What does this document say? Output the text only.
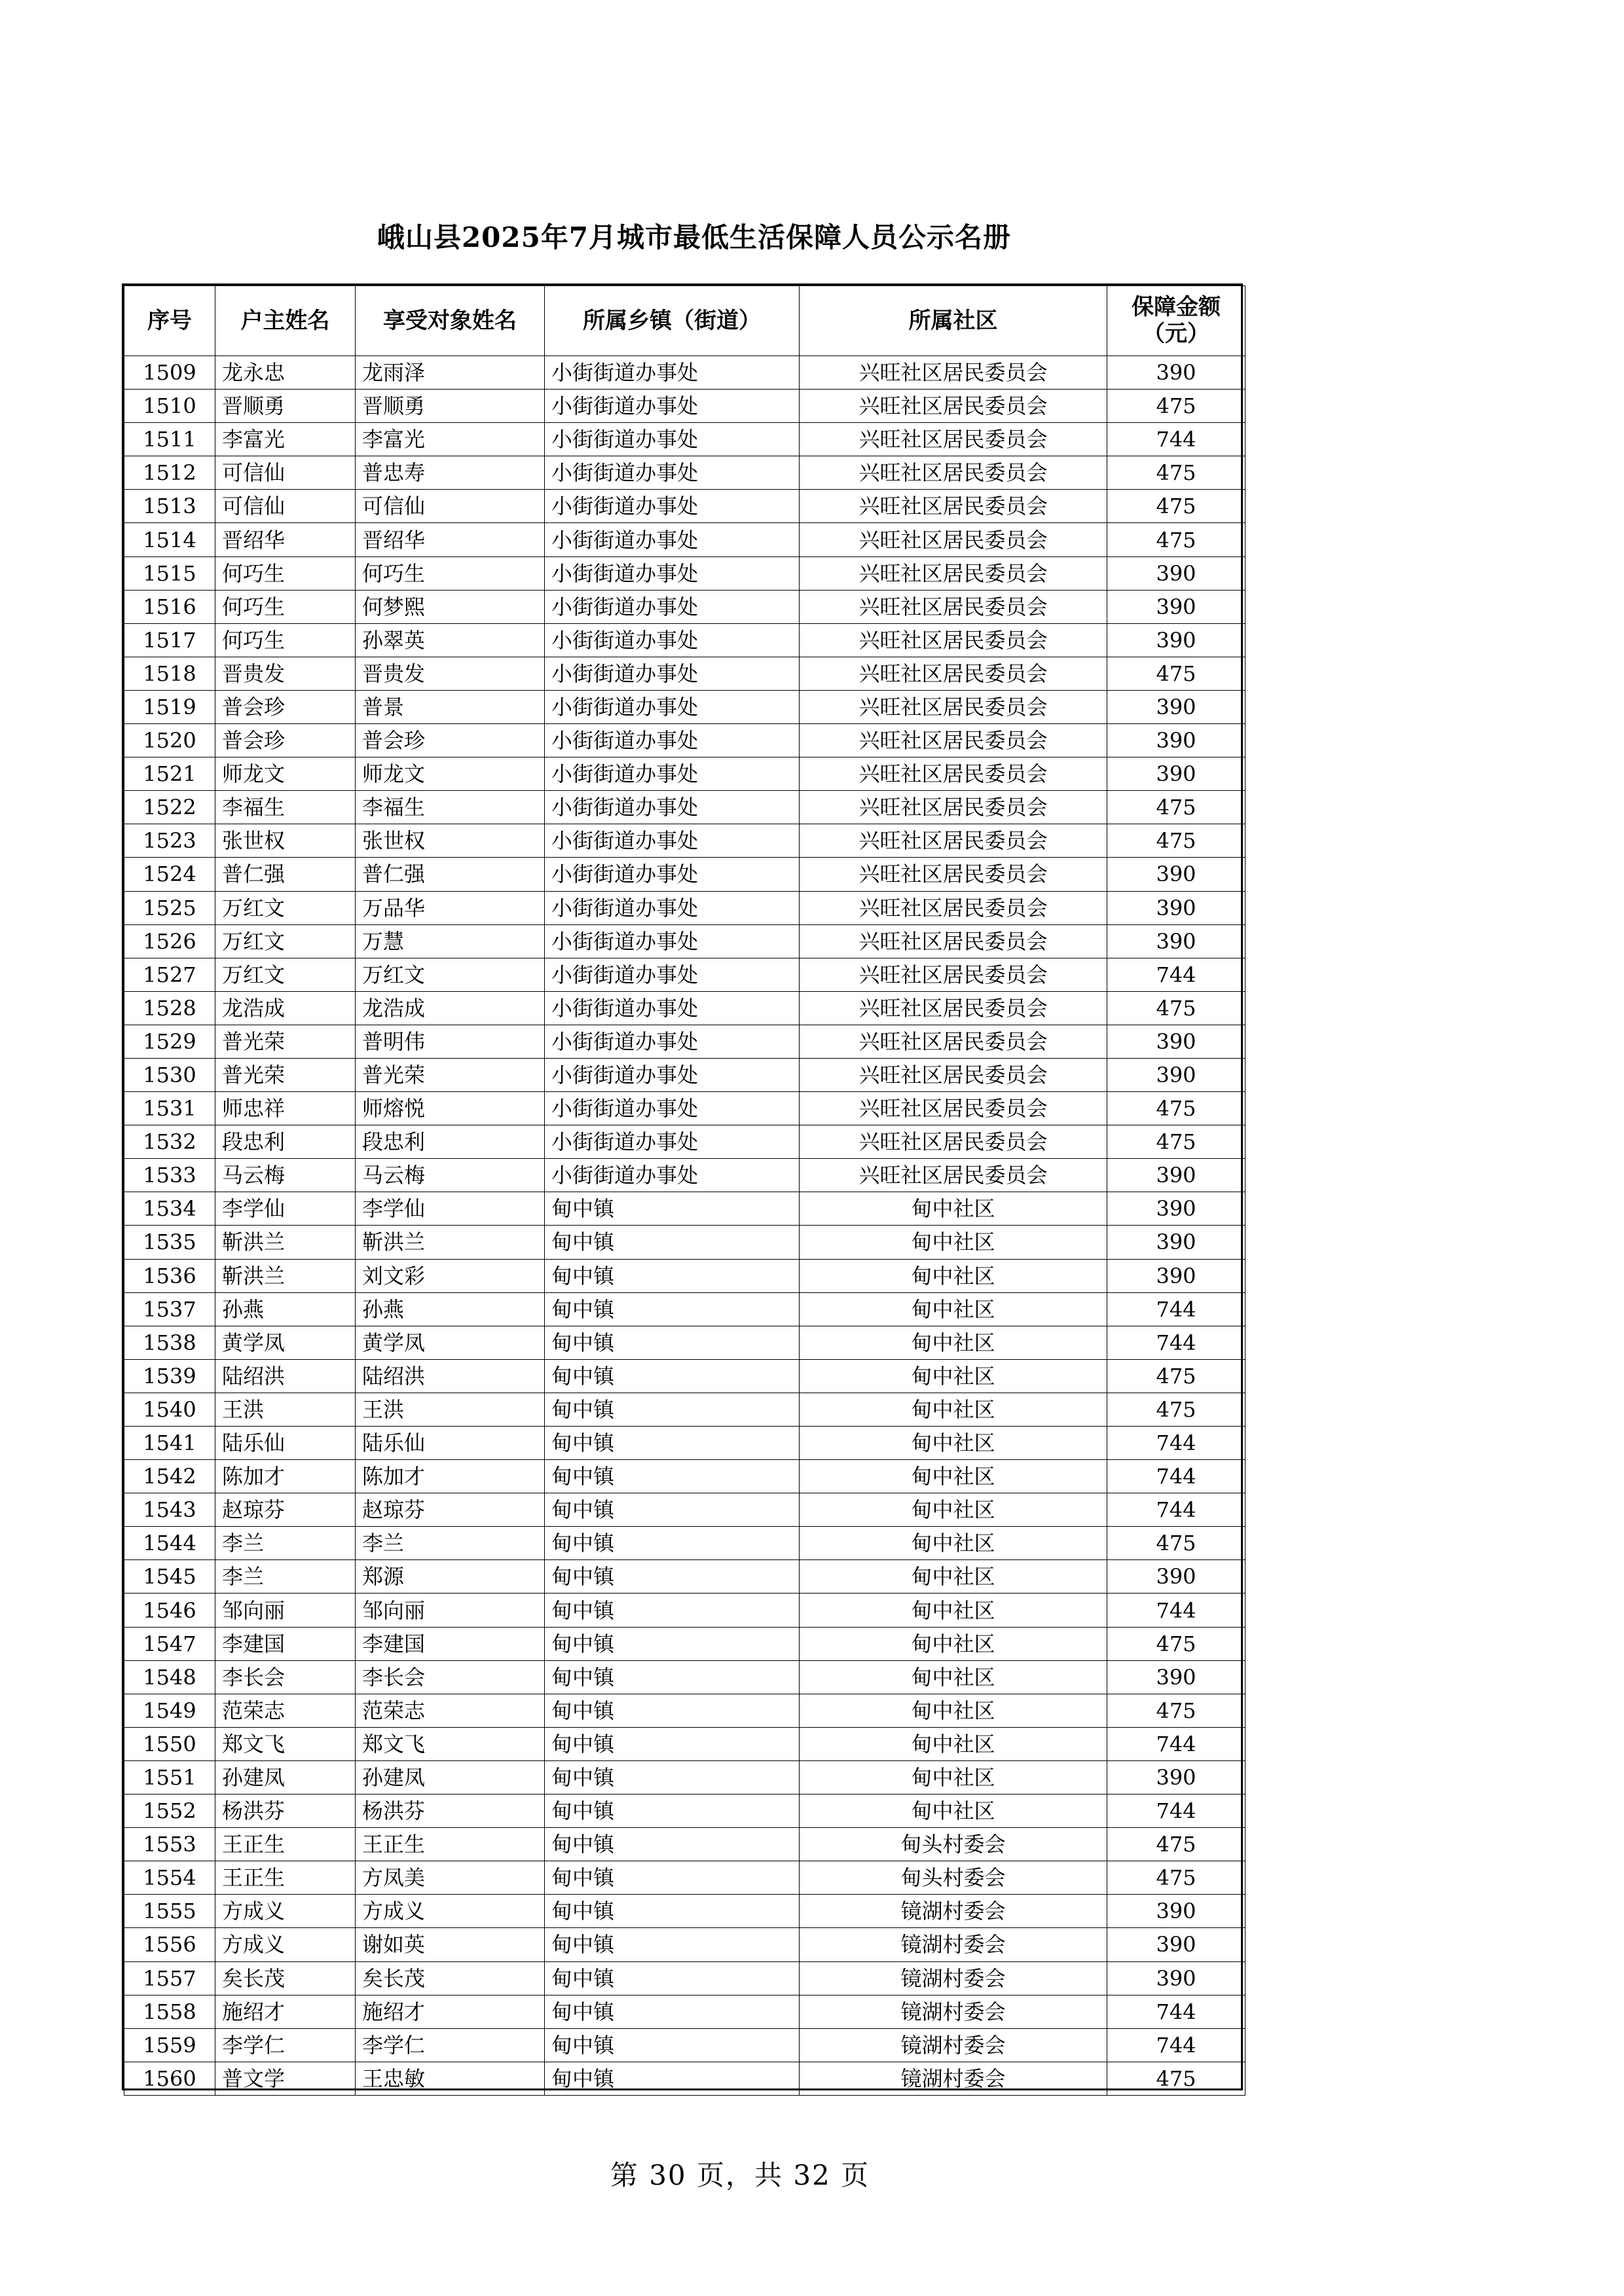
峨山县2025年7月城市最低生活保障人员公示名册
序号	户主姓名	享受对象姓名	所属乡镇（街道）	所属社区	保障金额
（元）

1509	龙永忠	龙雨泽	小街街道办事处	兴旺社区居民委员会	390
1510	晋顺勇	晋顺勇	小街街道办事处	兴旺社区居民委员会	475
1511	李富光	李富光	小街街道办事处	兴旺社区居民委员会	744
1512	可信仙	普忠寿	小街街道办事处	兴旺社区居民委员会	475
1513	可信仙	可信仙	小街街道办事处	兴旺社区居民委员会	475
1514	晋绍华	晋绍华	小街街道办事处	兴旺社区居民委员会	475
1515	何巧生	何巧生	小街街道办事处	兴旺社区居民委员会	390
1516	何巧生	何梦熙	小街街道办事处	兴旺社区居民委员会	390
1517	何巧生	孙翠英	小街街道办事处	兴旺社区居民委员会	390
1518	晋贵发	晋贵发	小街街道办事处	兴旺社区居民委员会	475
1519	普会珍	普景	小街街道办事处	兴旺社区居民委员会	390
1520	普会珍	普会珍	小街街道办事处	兴旺社区居民委员会	390
1521	师龙文	师龙文	小街街道办事处	兴旺社区居民委员会	390
1522	李福生	李福生	小街街道办事处	兴旺社区居民委员会	475
1523	张世权	张世权	小街街道办事处	兴旺社区居民委员会	475
1524	普仁强	普仁强	小街街道办事处	兴旺社区居民委员会	390
1525	万红文	万品华	小街街道办事处	兴旺社区居民委员会	390
1526	万红文	万慧	小街街道办事处	兴旺社区居民委员会	390
1527	万红文	万红文	小街街道办事处	兴旺社区居民委员会	744
1528	龙浩成	龙浩成	小街街道办事处	兴旺社区居民委员会	475
1529	普光荣	普明伟	小街街道办事处	兴旺社区居民委员会	390
1530	普光荣	普光荣	小街街道办事处	兴旺社区居民委员会	390
1531	师忠祥	师熔悦	小街街道办事处	兴旺社区居民委员会	475
1532	段忠利	段忠利	小街街道办事处	兴旺社区居民委员会	475
1533	马云梅	马云梅	小街街道办事处	兴旺社区居民委员会	390
1534	李学仙	李学仙	甸中镇	甸中社区	390
1535	靳洪兰	靳洪兰	甸中镇	甸中社区	390
1536	靳洪兰	刘文彩	甸中镇	甸中社区	390
1537	孙燕	孙燕	甸中镇	甸中社区	744
1538	黄学凤	黄学凤	甸中镇	甸中社区	744
1539	陆绍洪	陆绍洪	甸中镇	甸中社区	475
1540	王洪	王洪	甸中镇	甸中社区	475
1541	陆乐仙	陆乐仙	甸中镇	甸中社区	744
1542	陈加才	陈加才	甸中镇	甸中社区	744
1543	赵琼芬	赵琼芬	甸中镇	甸中社区	744
1544	李兰	李兰	甸中镇	甸中社区	475
1545	李兰	郑源	甸中镇	甸中社区	390
1546	邹向丽	邹向丽	甸中镇	甸中社区	744
1547	李建国	李建国	甸中镇	甸中社区	475
1548	李长会	李长会	甸中镇	甸中社区	390
1549	范荣志	范荣志	甸中镇	甸中社区	475
1550	郑文飞	郑文飞	甸中镇	甸中社区	744
1551	孙建凤	孙建凤	甸中镇	甸中社区	390
1552	杨洪芬	杨洪芬	甸中镇	甸中社区	744
1553	王正生	王正生	甸中镇	甸头村委会	475
1554	王正生	方凤美	甸中镇	甸头村委会	475
1555	方成义	方成义	甸中镇	镜湖村委会	390
1556	方成义	谢如英	甸中镇	镜湖村委会	390
1557	矣长茂	矣长茂	甸中镇	镜湖村委会	390
1558	施绍才	施绍才	甸中镇	镜湖村委会	744
1559	李学仁	李学仁	甸中镇	镜湖村委会	744
1560	普文学	王忠敏	甸中镇	镜湖村委会	475
第 30 页，共 32 页
